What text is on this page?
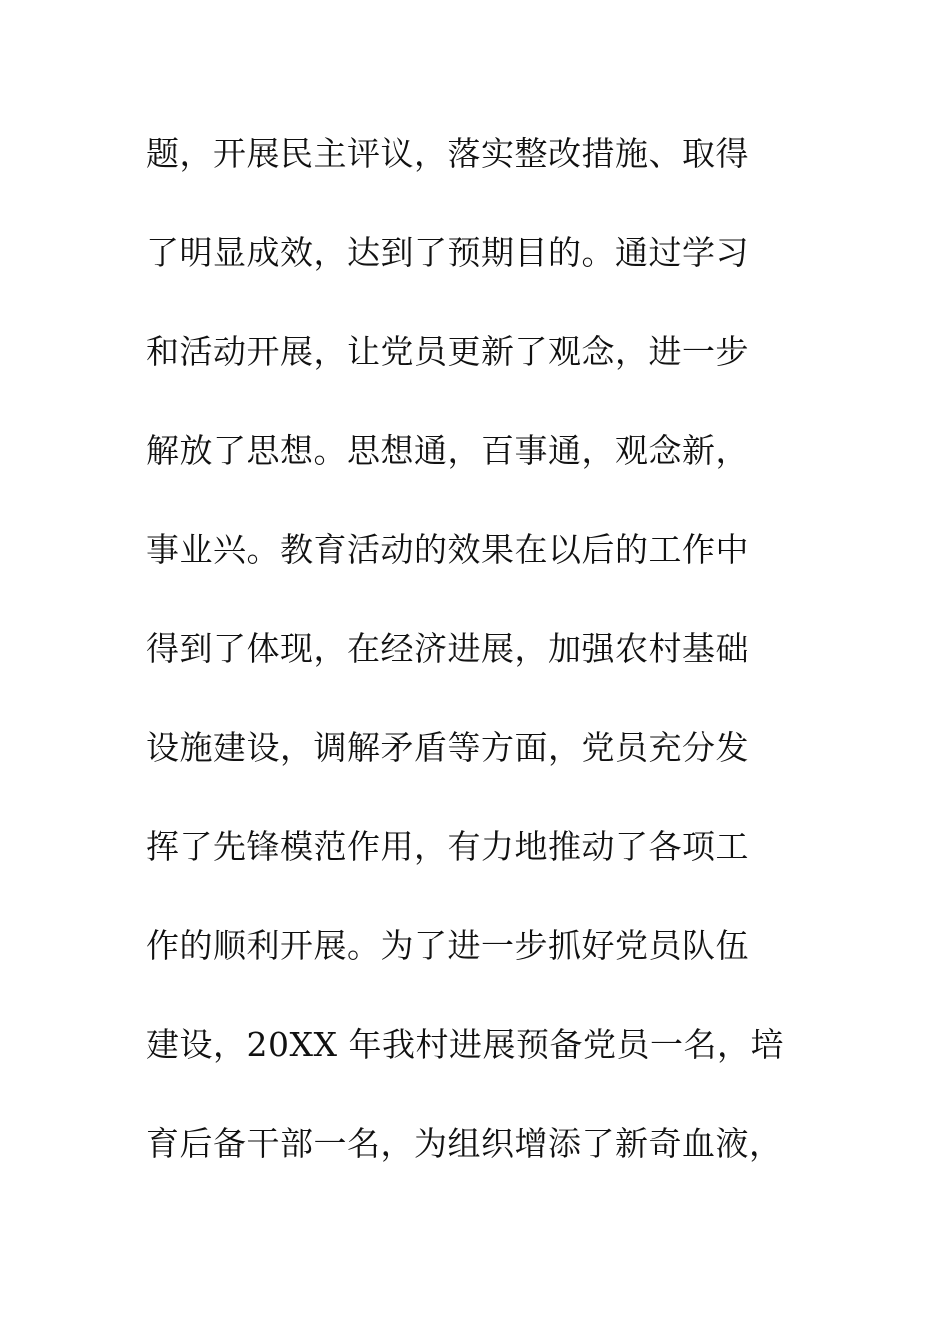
题，开展民主评议，落实整改措施、取得
了明显成效，达到了预期目的。通过学习
和活动开展，让党员更新了观念，进一步
解放了思想。思想通，百事通，观念新，
事业兴。教育活动的效果在以后的工作中
得到了体现，在经济进展，加强农村基础
设施建设，调解矛盾等方面，党员充分发
挥了先锋模范作用，有力地推动了各项工
作的顺利开展。为了进一步抓好党员队伍
建设，20XX 年我村进展预备党员一名，培
育后备干部一名，为组织增添了新奇血液，
